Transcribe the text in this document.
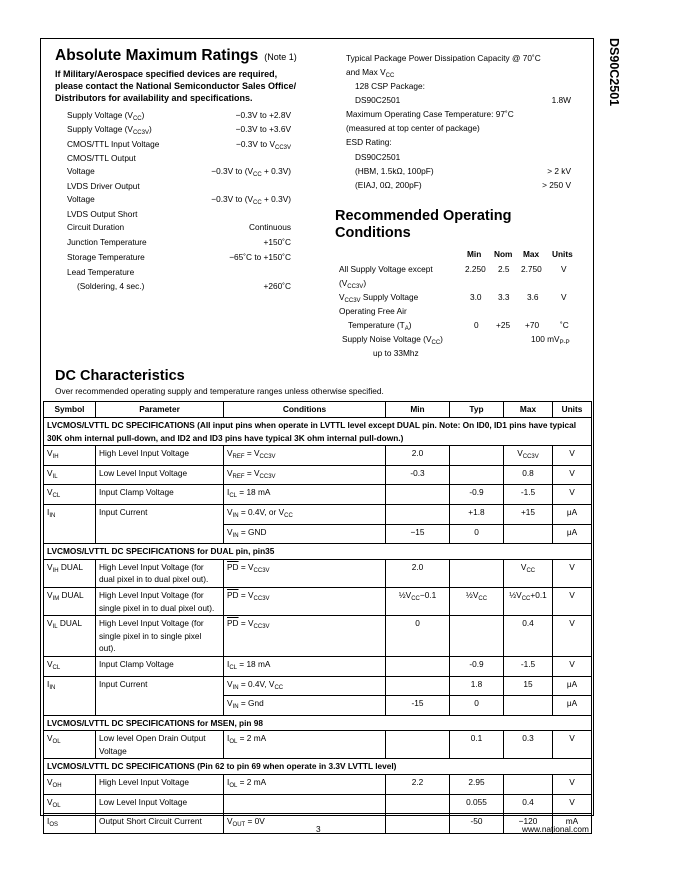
DS90C2501
Absolute Maximum Ratings (Note 1)
If Military/Aerospace specified devices are required, please contact the National Semiconductor Sales Office/ Distributors for availability and specifications.
Supply Voltage $(V_{CC})$	−0.3V to +2.8V
Supply Voltage $(V_{CC3V})$	−0.3V to +3.6V
CMOS/TTL Input Voltage	−0.3V to $V_{CC3V}$
CMOS/TTL Output
Voltage	−0.3V to $(V_{CC} + 0.3V)$
LVDS Driver Output
Voltage	−0.3V to $(V_{CC} + 0.3V)$
LVDS Output Short
Circuit Duration	Continuous
Junction Temperature	+150˚C
Storage Temperature	−65˚C to +150˚C
Lead Temperature
(Soldering, 4 sec.)	+260˚C
Typical Package Power Dissipation Capacity @ 70˚C
and Max $V_{CC}$
128 CSP Package:
DS90C2501	1.8W
Maximum Operating Case Temperature: 97˚C
(measured at top center of package)
ESD Rating:
DS90C2501
(HBM, 1.5kΩ, 100pF)	> 2 kV
(EIAJ, 0Ω, 200pF)	> 250 V
Recommended Operating
Conditions
Min Nom Max Units
All Supply Voltage except
$(V_{CC3V})$
2.250 2.5 2.750 V
$V_{CC3V}$ Supply Voltage	3.0 3.3 3.6	V
Operating Free Air
Temperature $(T_A)$	0 +25 +70	˚C
Supply Noise Voltage $(V_{CC})$
up to 33Mhz
100 $mV_{P-P}$
DC Characteristics
Over recommended operating supply and temperature ranges unless otherwise specified.
Symbol	Parameter	Conditions	Min	Typ	Max	Units
LVCMOS/LVTTL DC SPECIFICATIONS (All input pins when operate in LVTTL level except DUAL pin. Note: On ID0, ID1 pins have typical 30K ohm internal pull-down, and ID2 and ID3 pins have typical 3K ohm internal pull-down.)						
$V_{IH}$	High Level Input Voltage	$V_{REF} = V_{CC3V}$	2.0		$V_{CC3V}$	V
$V_{IL}$	Low Level Input Voltage	$V_{REF} = V_{CC3V}$	-0.3		0.8	V
$V_{CL}$	Input Clamp Voltage	$I_{CL} = 18$ mA		-0.9	-1.5	V
$I_{IN}$	Input Current	$V_{IN} = 0.4V$, or $V_{CC}$		+1.8	+15	μA
		$V_{IN}$ = GND	−15	0		μA
LVCMOS/LVTTL DC SPECIFICATIONS for DUAL pin, pin35						
$V_{IH}$ DUAL	High Level Input Voltage (for dual pixel in to dual pixel out).	$\overline{PD} = V_{CC3V}$	2.0		$V_{CC}$	V
$V_{IM}$ DUAL	High Level Input Voltage (for single pixel in to dual pixel out).	$\overline{PD} = V_{CC3V}$	$\frac{1}{2}V_{CC}-0.1$	$\frac{1}{2}V_{CC}$	$\frac{1}{2}V_{CC}+0.1$	V
$V_{IL}$ DUAL	High Level Input Voltage (for single pixel in to single pixel out).	$\overline{PD} = V_{CC3V}$	0		0.4	V
$V_{CL}$	Input Clamp Voltage	$I_{CL} = 18$ mA		-0.9	-1.5	V
$I_{IN}$	Input Current	$V_{IN} = 0.4V$, $V_{CC}$		1.8	15	μA
		$V_{IN}$ = Gnd	-15	0		μA
LVCMOS/LVTTL DC SPECIFICATIONS for MSEN, pin 98						
$V_{OL}$	Low level Open Drain Output Voltage	$I_{OL} = 2$ mA		0.1	0.3	V
LVCMOS/LVTTL DC SPECIFICATIONS (Pin 62 to pin 69 when operate in 3.3V LVTTL level)						
$V_{OH}$	High Level Input Voltage	$I_{OL} = 2$ mA	2.2	2.95		V
$V_{OL}$	Low Level Input Voltage			0.055	0.4	V
$I_{OS}$	Output Short Circuit Current	$V_{OUT} = 0V$		-50	−120	mA
3	www.national.com
